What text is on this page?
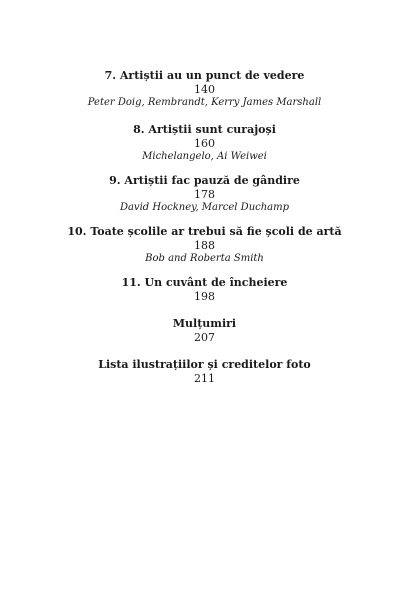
7. Artiștii au un punct de vedere
140
Peter Doig, Rembrandt, Kerry James Marshall
8. Artiștii sunt curajoși
160
Michelangelo, Ai Weiwei
9. Artiștii fac pauză de gândire
178
David Hockney, Marcel Duchamp
10. Toate școlile ar trebui să fie școli de artă
188
Bob and Roberta Smith
11. Un cuvânt de încheiere
198
Mulțumiri
207
Lista ilustrațiilor și creditelor foto
211
